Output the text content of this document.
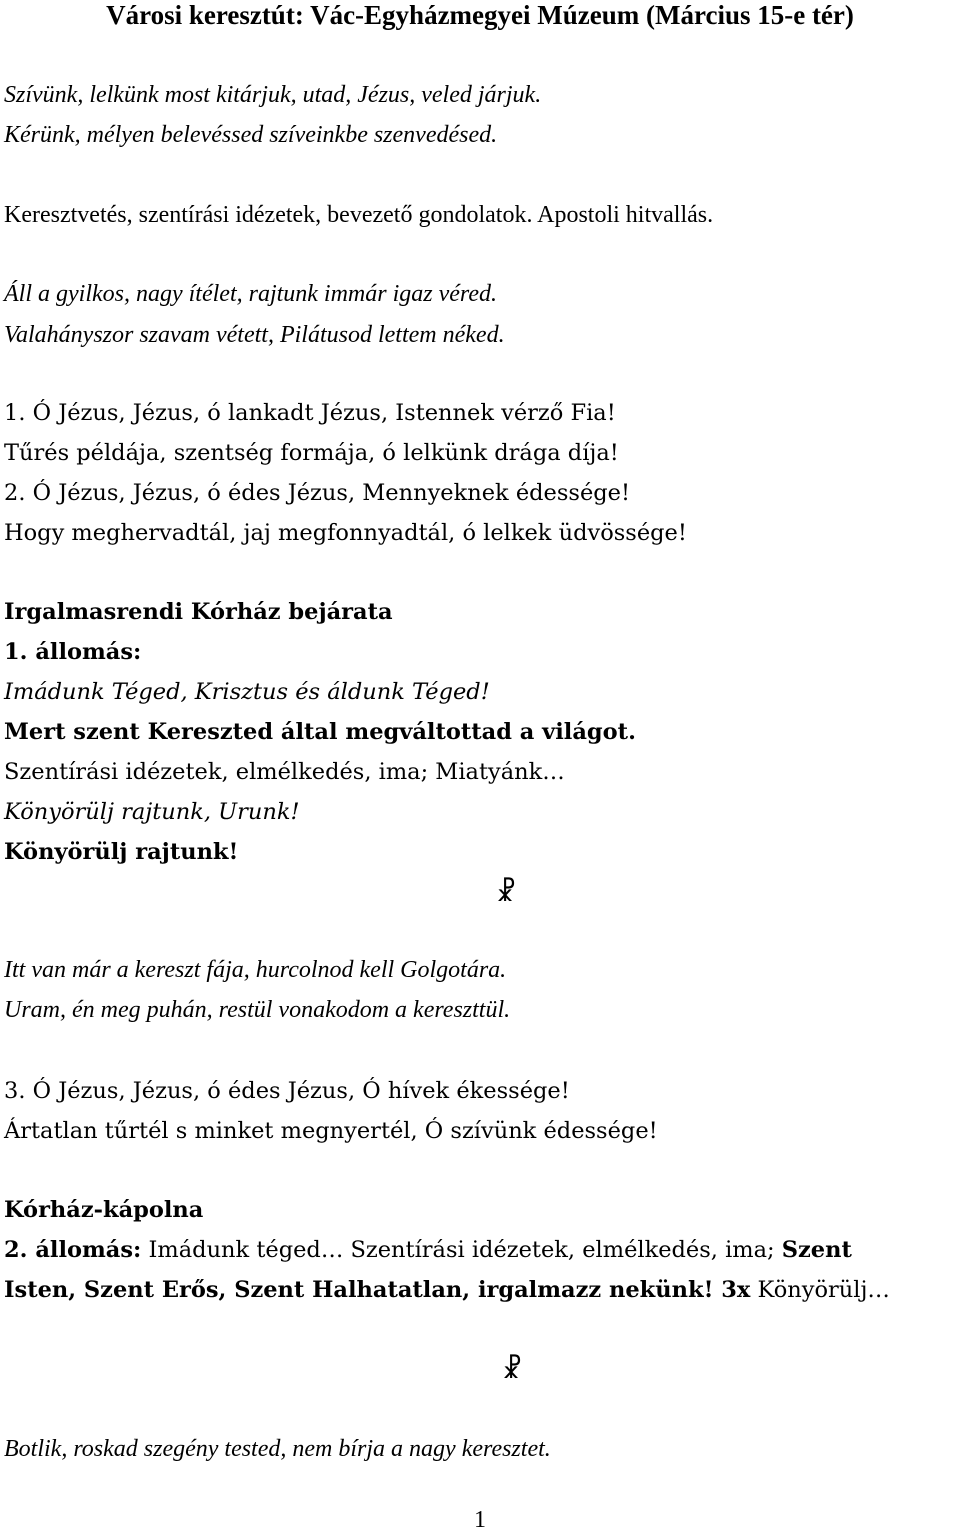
Városi keresztút: Vác-Egyházmegyei Múzeum (Március 15-e tér)
Szívünk, lelkünk most kitárjuk, utad, Jézus, veled járjuk.
Kérünk, mélyen belevéssed szíveinkbe szenvedésed.
Keresztvetés, szentírási idézetek, bevezető gondolatok. Apostoli hitvallás.
Áll a gyilkos, nagy ítélet, rajtunk immár igaz véred.
Valahányszor szavam vétett, Pilátusod lettem néked.
1. Ó Jézus, Jézus, ó lankadt Jézus, Istennek vérző Fia!
Tűrés példája, szentség formája, ó lelkünk drága díja!
2. Ó Jézus, Jézus, ó édes Jézus, Mennyeknek édessége!
Hogy meghervadtál, jaj megfonnyadtál, ó lelkek üdvössége!
Irgalmasrendi Kórház bejárata
1. állomás:
Imádunk Téged, Krisztus és áldunk Téged!
Mert szent Kereszted által megváltottad a világot.
Szentírási idézetek, elmélkedés, ima; Miatyánk…
Könyörülj rajtunk, Urunk!
Könyörülj rajtunk!
☧
Itt van már a kereszt fája, hurcolnod kell Golgotára.
Uram, én meg puhán, restül vonakodom a kereszttül.
3. Ó Jézus, Jézus, ó édes Jézus, Ó hívek ékessége!
Ártatlan tűrtél s minket megnyertél, Ó szívünk édessége!
Kórház-kápolna
2. állomás: Imádunk téged… Szentírási idézetek, elmélkedés, ima; Szent
Isten, Szent Erős, Szent Halhatatlan, irgalmazz nekünk! 3x Könyörülj…
☧
Botlik, roskad szegény tested, nem bírja a nagy keresztet.
1
